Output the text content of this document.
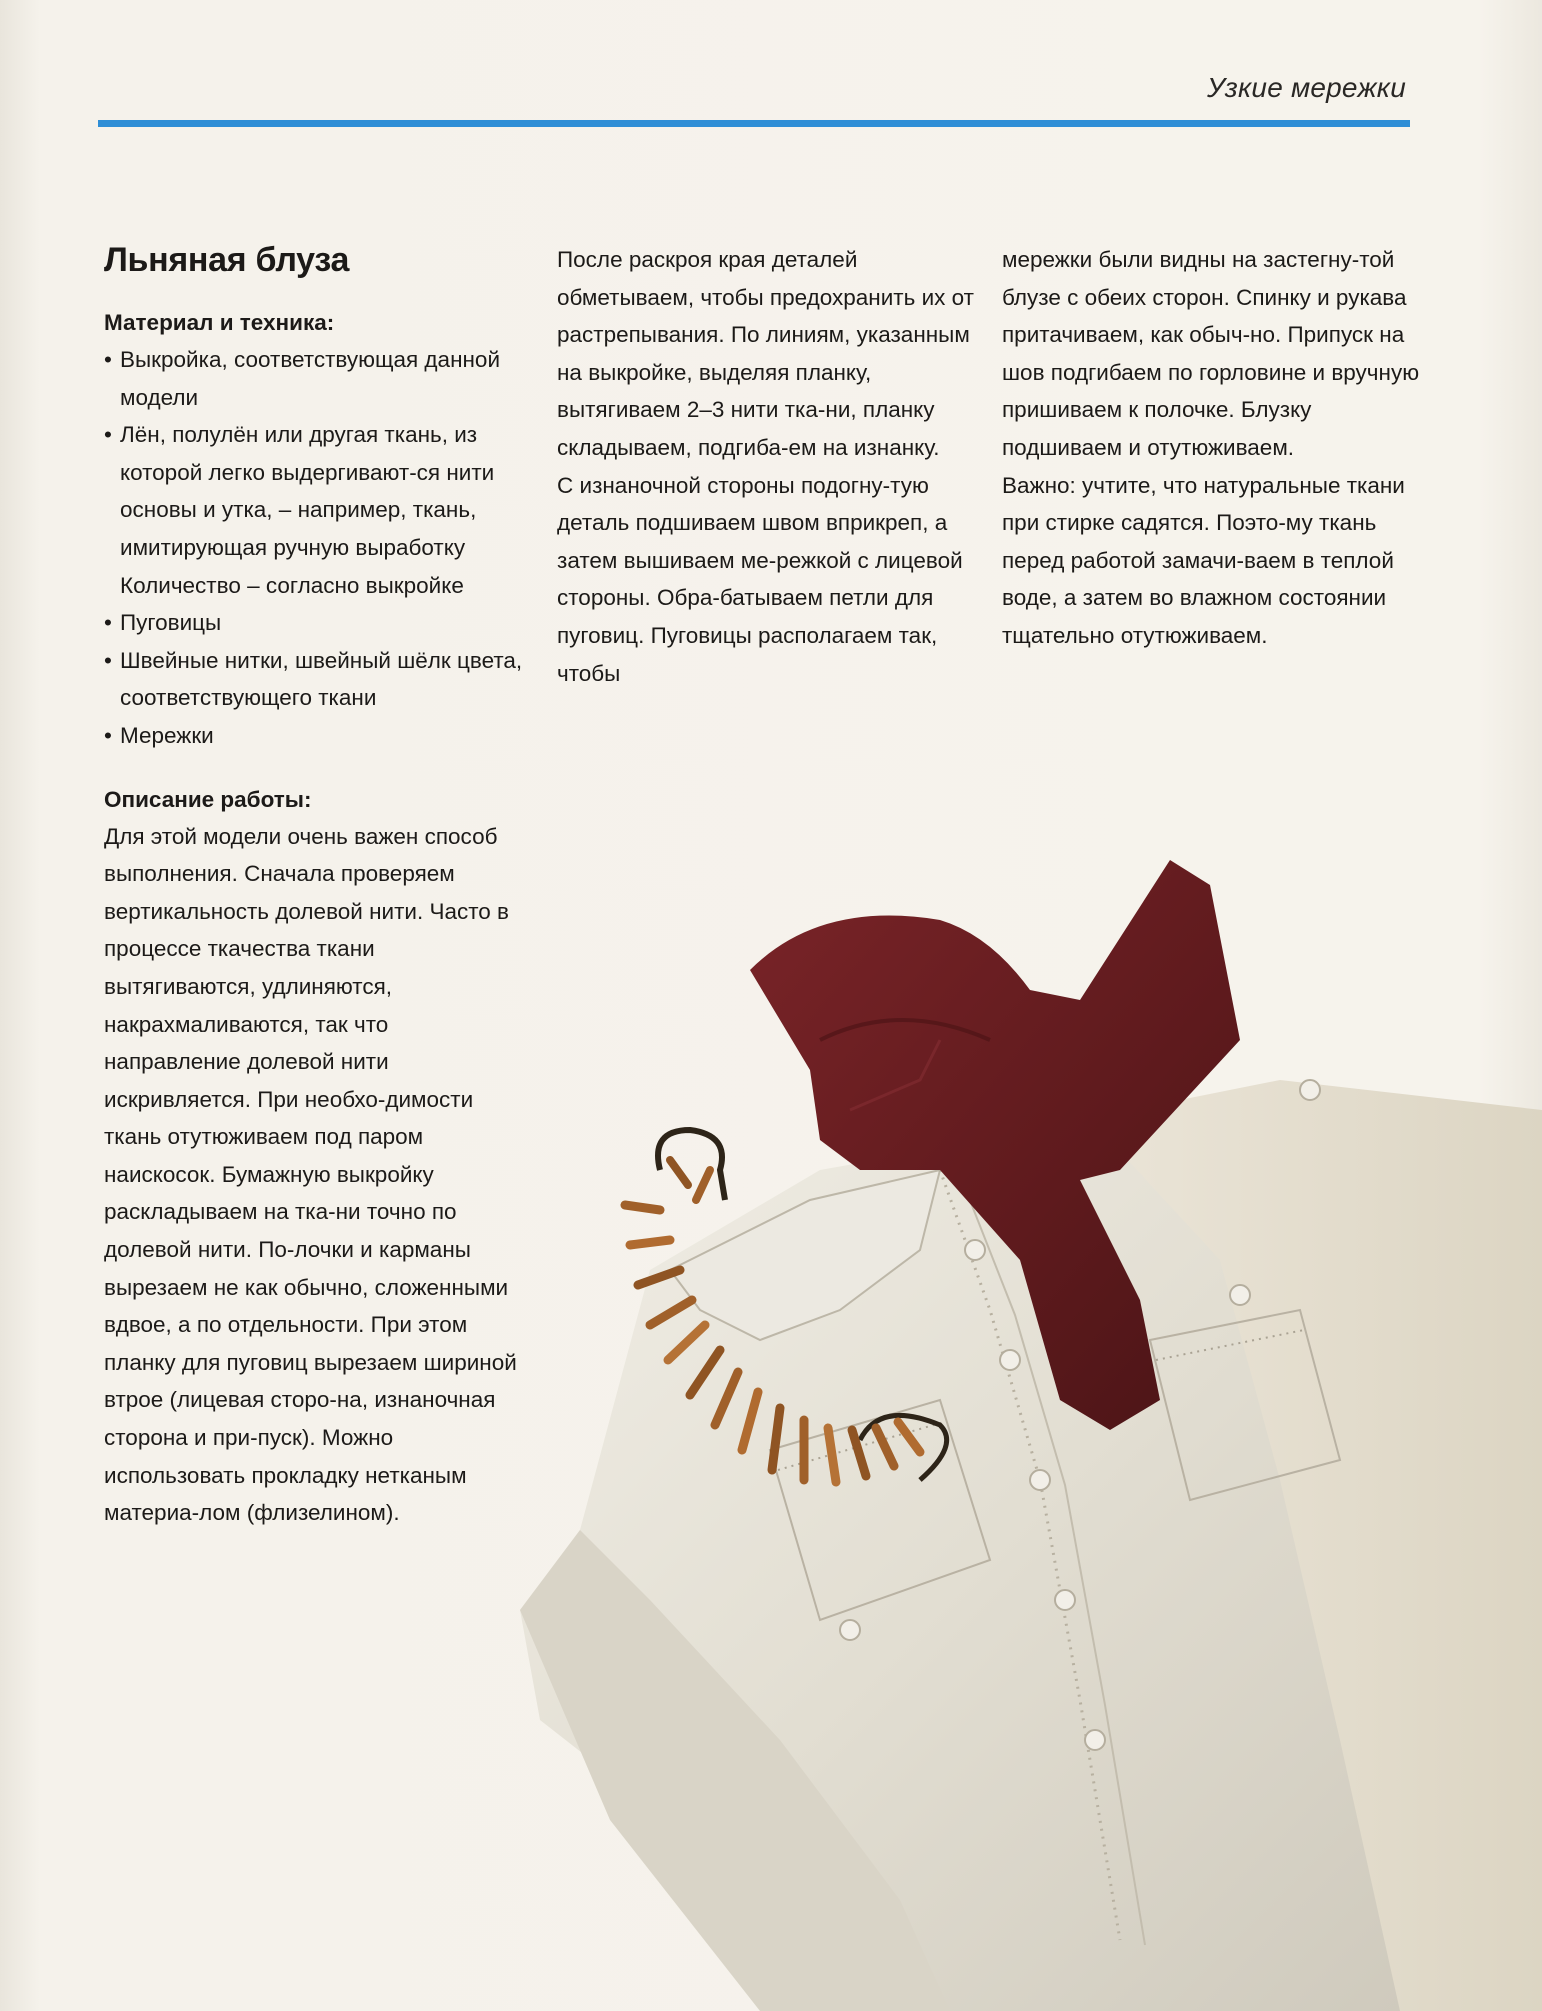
Узкие мережки
Льняная блуза
Материал и техника:
• Выкройка, соответствующая данной модели
• Лён, полулён или другая ткань, из которой легко выдергивают-ся нити основы и утка, – например, ткань, имитирующая ручную выработку
Количество – согласно выкройке
• Пуговицы
• Швейные нитки, швейный шёлк цвета, соответствующего ткани
• Мережки
Описание работы:

Для этой модели очень важен способ выполнения. Сначала проверяем вертикальность долевой нити. Часто в процессе ткачества ткани вытягиваются, удлиняются, накрахмаливаются, так что направление долевой нити искривляется. При необхо-димости ткань отутюживаем под паром наискосок. Бумажную выкройку раскладываем на тка-ни точно по долевой нити. По-лочки и карманы вырезаем не как обычно, сложенными вдвое, а по отдельности. При этом планку для пуговиц вырезаем шириной втрое (лицевая сторо-на, изнаночная сторона и при-пуск). Можно использовать прокладку нетканым материа-лом (флизелином).

После раскроя края деталей обметываем, чтобы предохранить их от растрепывания. По линиям, указанным на выкройке, выделяя планку, вытягиваем 2–3 нити тка-ни, планку складываем, подгиба-ем на изнанку.

С изнаночной стороны подогну-тую деталь подшиваем швом вприкреп, а затем вышиваем ме-режкой с лицевой стороны. Обра-батываем петли для пуговиц. Пуговицы располагаем так, чтобы

мережки были видны на застегну-той блузе с обеих сторон. Спинку и рукава притачиваем, как обыч-но. Припуск на шов подгибаем по горловине и вручную пришиваем к полочке. Блузку подшиваем и отутюживаем.

Важно: учтите, что натуральные ткани при стирке садятся. Поэто-му ткань перед работой замачи-ваем в теплой воде, а затем во влажном состоянии тщательно отутюживаем.
